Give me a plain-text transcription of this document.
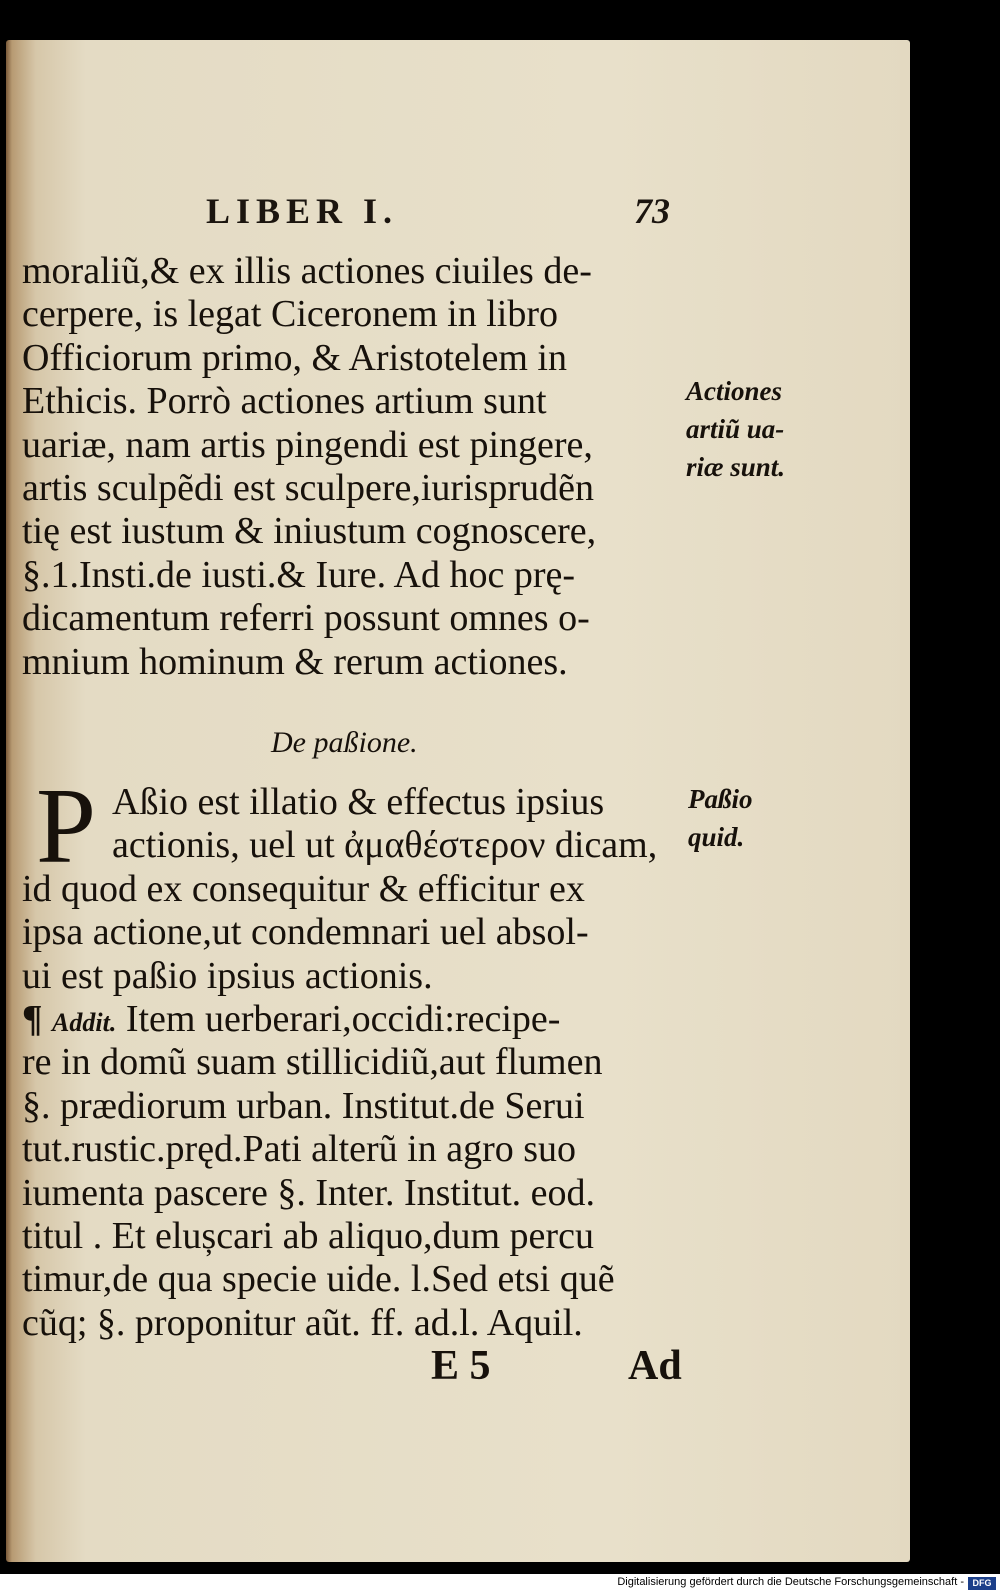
LIBER I.	73
moraliũ,& ex illis actiones ciuiles de-
cerpere, is legat Ciceronem in libro
Officiorum primo, & Aristotelem in
Ethicis. Porrò actiones artium sunt
uariæ, nam artis pingendi est pingere,
artis sculpẽdi est sculpere,iurisprudẽn
tię est iustum & iniustum cognoscere,
§.1.Insti.de iusti.& Iure. Ad hoc prę-
dicamentum referri possunt omnes o-
mnium hominum & rerum actiones.
De paßione.
P Aßio est illatio & effectus ipsius
actionis, uel ut ἀμαθέστερον dicam,
id quod ex consequitur & efficitur ex
ipsa actione,ut condemnari uel absol-
ui est paßio ipsius actionis.
¶ Addit. Item uerberari,occidi:recipe-
re in domũ suam stillicidiũ,aut flumen
§. prædiorum urban. Institut.de Serui
tut.rustic.pręd.Pati alterũ in agro suo
iumenta pascere §. Inter. Institut. eod.
titul . Et elușcari ab aliquo,dum percu
timur,de qua specie uide. l.Sed etsi quẽ
cũq; §. proponitur aũt. ff. ad.l. Aquil.
E 5	Ad
Actiones
artiũ ua-
riæ sunt.
Paßio
quid.
Digitalisierung gefördert durch die Deutsche Forschungsgemeinschaft - DFG
